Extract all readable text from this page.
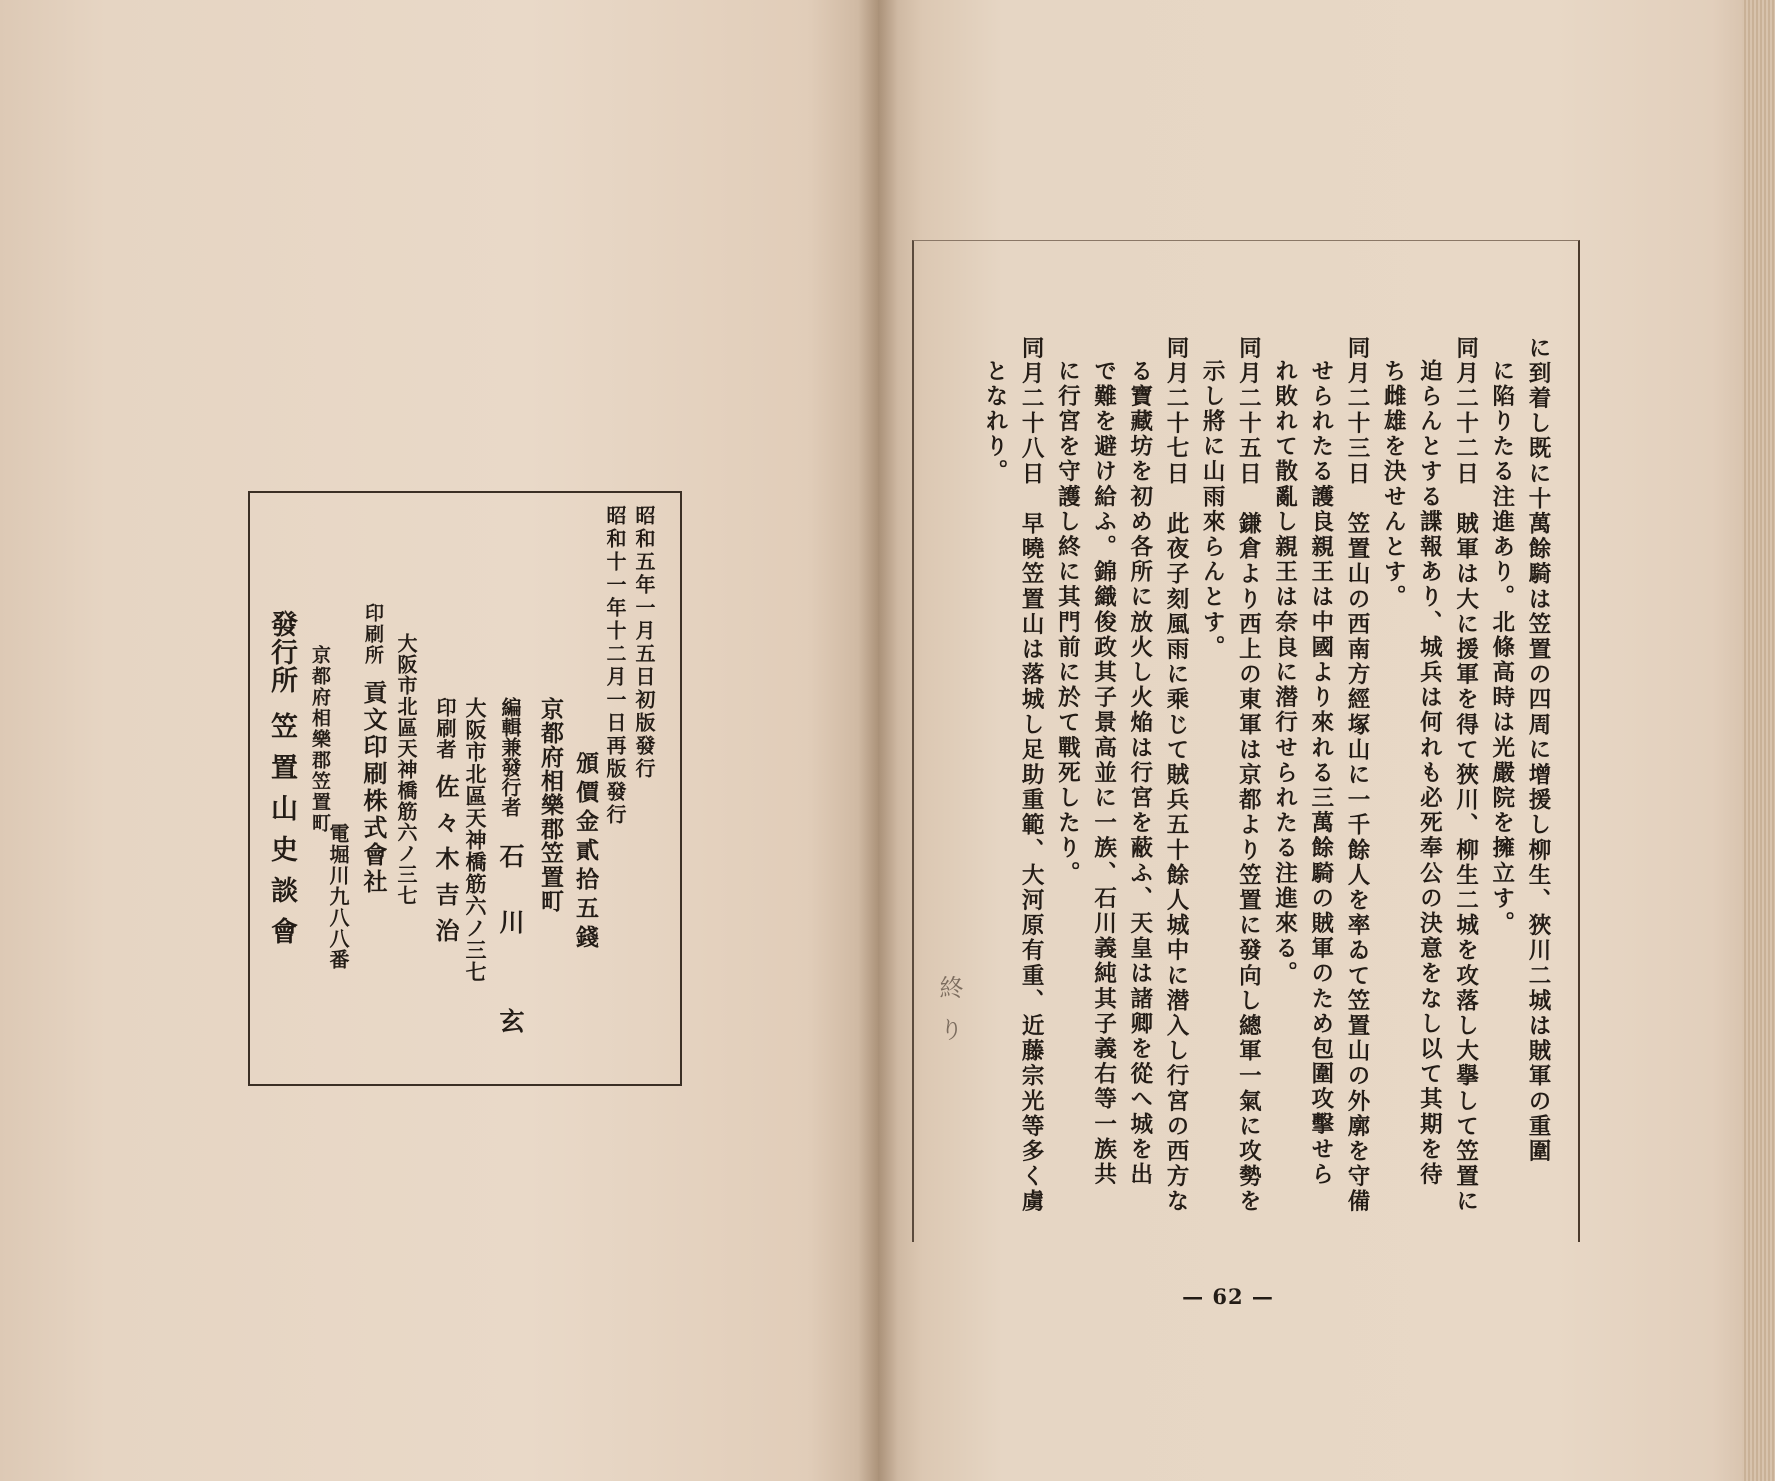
昭和五年一月五日初版發行
昭和十一年十二月一日再版發行
頒價金貳拾五錢
京都府相樂郡笠置町
編輯兼發行者石　川　　玄
大阪市北區天神橋筋六ノ三七
印刷者佐々木吉治
大阪市北區天神橋筋六ノ三七
印刷所貢文印刷株式會社
電堀川九八八番
京都府相樂郡笠置町
發行所笠置山史談會	に到着し既に十萬餘騎は笠置の四周に增援し柳生、狹川二城は賊軍の重圍
に陷りたる注進あり。北條高時は光嚴院を擁立す。
同月二十二日　賊軍は大に援軍を得て狹川、柳生二城を攻落し大擧して笠置に
迫らんとする諜報あり、城兵は何れも必死奉公の決意をなし以て其期を待
ち雌雄を決せんとす。
同月二十三日　笠置山の西南方經塚山に一千餘人を率ゐて笠置山の外廓を守備
せられたる護良親王は中國より來れる三萬餘騎の賊軍のため包圍攻擊せら
れ敗れて散亂し親王は奈良に潜行せられたる注進來る。
同月二十五日　鎌倉より西上の東軍は京都より笠置に發向し總軍一氣に攻勢を
示し將に山雨來らんとす。
同月二十七日　此夜子刻風雨に乘じて賊兵五十餘人城中に潜入し行宮の西方な
る寶藏坊を初め各所に放火し火焔は行宮を蔽ふ、天皇は諸卿を從へ城を出
で難を避け給ふ。錦織俊政其子景高並に一族、石川義純其子義右等一族共
に行宮を守護し終に其門前に於て戰死したり。
同月二十八日　早曉笠置山は落城し足助重範、大河原有重、近藤宗光等多く虜
となれり。
終り
— 62 —
